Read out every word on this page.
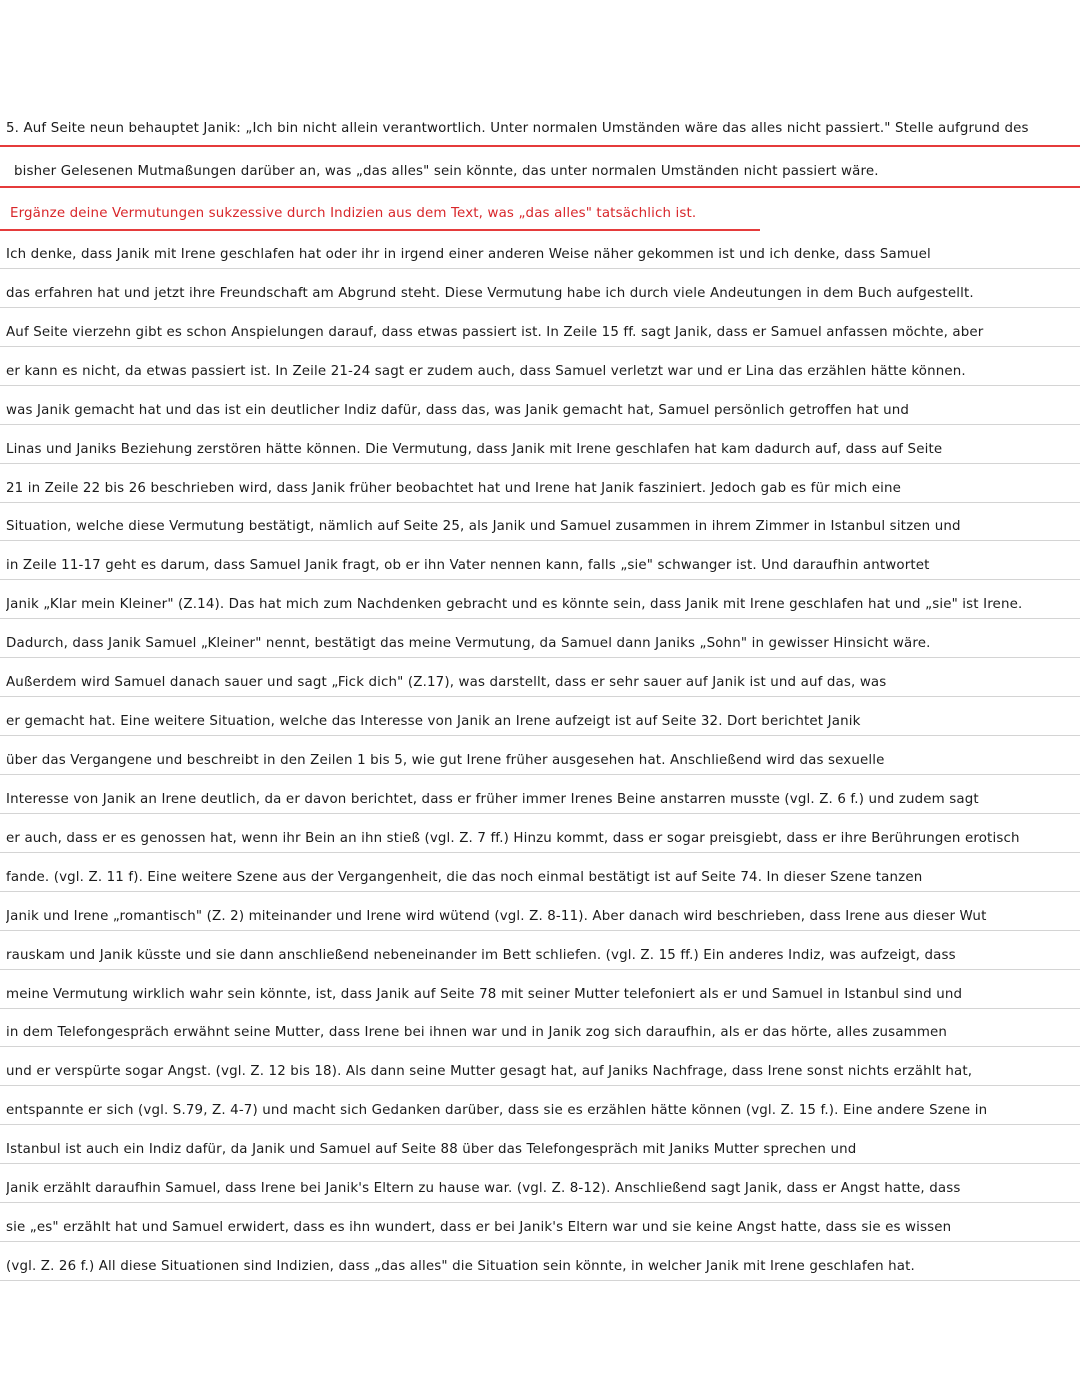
5. Auf Seite neun behauptet Janik: „Ich bin nicht allein verantwortlich. Unter normalen Umständen wäre das alles nicht passiert." Stelle aufgrund des
bisher Gelesenen Mutmaßungen darüber an, was „das alles" sein könnte, das unter normalen Umständen nicht passiert wäre.
Ergänze deine Vermutungen sukzessive durch Indizien aus dem Text, was „das alles" tatsächlich ist.
Ich denke, dass Janik mit Irene geschlafen hat oder ihr in irgend einer anderen Weise näher gekommen ist und ich denke, dass Samuel
das erfahren hat und jetzt ihre Freundschaft am Abgrund steht. Diese Vermutung habe ich durch viele Andeutungen in dem Buch aufgestellt.
Auf Seite vierzehn gibt es schon Anspielungen darauf, dass etwas passiert ist. In Zeile 15 ff. sagt Janik, dass er Samuel anfassen möchte, aber
er kann es nicht, da etwas passiert ist. In Zeile 21-24 sagt er zudem auch, dass Samuel verletzt war und er Lina das erzählen hätte können.
was Janik gemacht hat und das ist ein deutlicher Indiz dafür, dass das, was Janik gemacht hat, Samuel persönlich getroffen hat und
Linas und Janiks Beziehung zerstören hätte können. Die Vermutung, dass Janik mit Irene geschlafen hat kam dadurch auf, dass auf Seite
21 in Zeile 22 bis 26 beschrieben wird, dass Janik früher beobachtet hat und Irene hat Janik fasziniert. Jedoch gab es für mich eine
Situation, welche diese Vermutung bestätigt, nämlich auf Seite 25, als Janik und Samuel zusammen in ihrem Zimmer in Istanbul sitzen und
in Zeile 11-17 geht es darum, dass Samuel Janik fragt, ob er ihn Vater nennen kann, falls „sie" schwanger ist. Und daraufhin antwortet
Janik „Klar mein Kleiner" (Z.14). Das hat mich zum Nachdenken gebracht und es könnte sein, dass Janik mit Irene geschlafen hat und „sie" ist Irene.
Dadurch, dass Janik Samuel „Kleiner" nennt, bestätigt das meine Vermutung, da Samuel dann Janiks „Sohn" in gewisser Hinsicht wäre.
Außerdem wird Samuel danach sauer und sagt „Fick dich" (Z.17), was darstellt, dass er sehr sauer auf Janik ist und auf das, was
er gemacht hat. Eine weitere Situation, welche das Interesse von Janik an Irene aufzeigt ist auf Seite 32. Dort berichtet Janik
über das Vergangene und beschreibt in den Zeilen 1 bis 5, wie gut Irene früher ausgesehen hat. Anschließend wird das sexuelle
Interesse von Janik an Irene deutlich, da er davon berichtet, dass er früher immer Irenes Beine anstarren musste (vgl. Z. 6 f.) und zudem sagt
er auch, dass er es genossen hat, wenn ihr Bein an ihn stieß (vgl. Z. 7 ff.) Hinzu kommt, dass er sogar preisgiebt, dass er ihre Berührungen erotisch
fande. (vgl. Z. 11 f). Eine weitere Szene aus der Vergangenheit, die das noch einmal bestätigt ist auf Seite 74. In dieser Szene tanzen
Janik und Irene „romantisch" (Z. 2) miteinander und Irene wird wütend (vgl. Z. 8-11). Aber danach wird beschrieben, dass Irene aus dieser Wut
rauskam und Janik küsste und sie dann anschließend nebeneinander im Bett schliefen. (vgl. Z. 15 ff.) Ein anderes Indiz, was aufzeigt, dass
meine Vermutung wirklich wahr sein könnte, ist, dass Janik auf Seite 78 mit seiner Mutter telefoniert als er und Samuel in Istanbul sind und
in dem Telefongespräch erwähnt seine Mutter, dass Irene bei ihnen war und in Janik zog sich daraufhin, als er das hörte, alles zusammen
und er verspürte sogar Angst. (vgl. Z. 12 bis 18). Als dann seine Mutter gesagt hat, auf Janiks Nachfrage, dass Irene sonst nichts erzählt hat,
entspannte er sich (vgl. S.79, Z. 4-7) und macht sich Gedanken darüber, dass sie es erzählen hätte können (vgl. Z. 15 f.). Eine andere Szene in
Istanbul ist auch ein Indiz dafür, da Janik und Samuel auf Seite 88 über das Telefongespräch mit Janiks Mutter sprechen und
Janik erzählt daraufhin Samuel, dass Irene bei Janik's Eltern zu hause war. (vgl. Z. 8-12). Anschließend sagt Janik, dass er Angst hatte, dass
sie „es" erzählt hat und Samuel erwidert, dass es ihn wundert, dass er bei Janik's Eltern war und sie keine Angst hatte, dass sie es wissen
(vgl. Z. 26 f.) All diese Situationen sind Indizien, dass „das alles" die Situation sein könnte, in welcher Janik mit Irene geschlafen hat.
